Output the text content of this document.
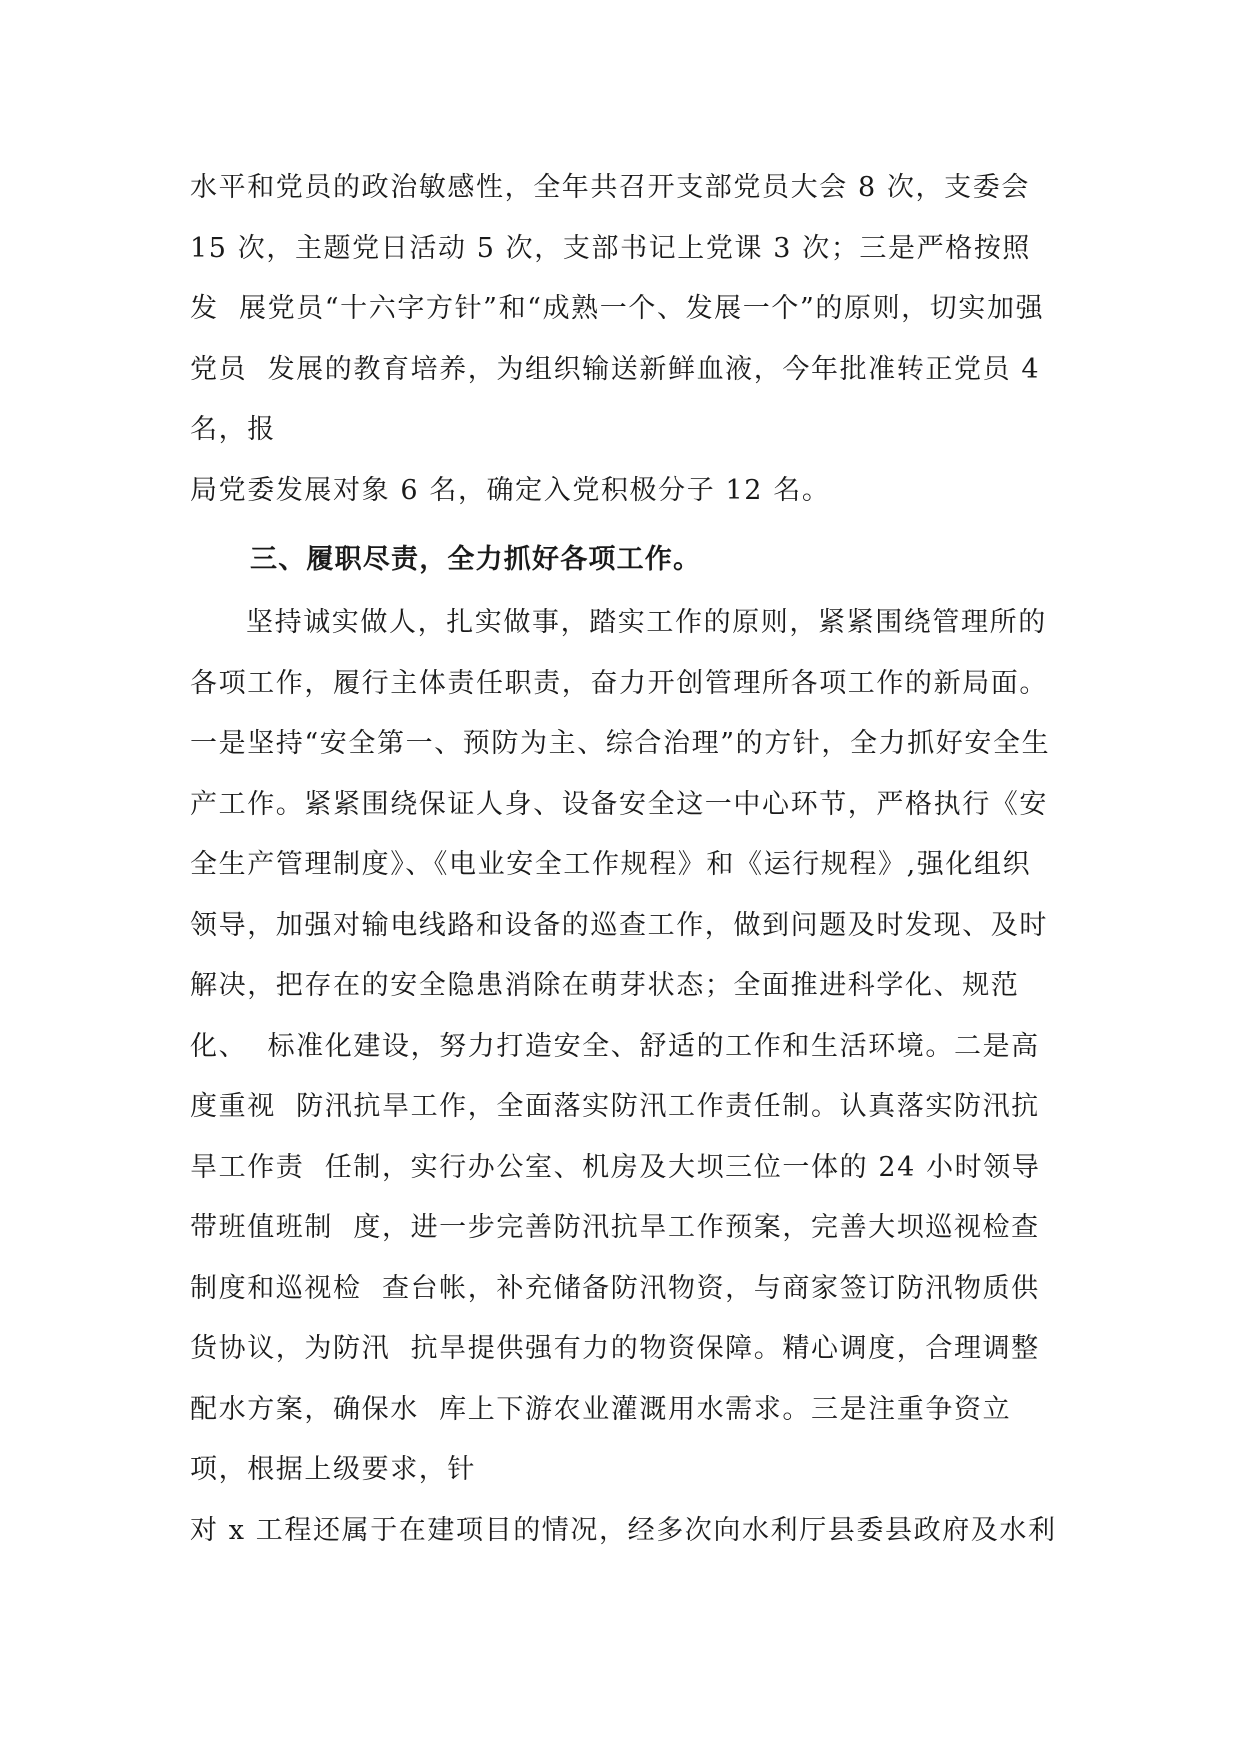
水平和党员的政治敏感性，全年共召开支部党员大会 8 次，支委会
15 次，主题党日活动 5 次，支部书记上党课 3 次；三是严格按照
发  展党员“十六字方针”和“成熟一个、发展一个”的原则，切实加强
党员  发展的教育培养，为组织输送新鲜血液，今年批准转正党员 4
名，报
局党委发展对象 6 名，确定入党积极分子 12 名。
三、履职尽责，全力抓好各项工作。
坚持诚实做人，扎实做事，踏实工作的原则，紧紧围绕管理所的
各项工作，履行主体责任职责，奋力开创管理所各项工作的新局面。
一是坚持“安全第一、预防为主、综合治理”的方针，全力抓好安全生
产工作。紧紧围绕保证人身、设备安全这一中心环节，严格执行《安
全生产管理制度》、《电业安全工作规程》和《运行规程》,强化组织
领导，加强对输电线路和设备的巡查工作，做到问题及时发现、及时
解决，把存在的安全隐患消除在萌芽状态；全面推进科学化、规范
化、  标准化建设，努力打造安全、舒适的工作和生活环境。二是高
度重视  防汛抗旱工作，全面落实防汛工作责任制。认真落实防汛抗
旱工作责  任制，实行办公室、机房及大坝三位一体的 24 小时领导
带班值班制  度，进一步完善防汛抗旱工作预案，完善大坝巡视检查
制度和巡视检  查台帐，补充储备防汛物资，与商家签订防汛物质供
货协议，为防汛  抗旱提供强有力的物资保障。精心调度，合理调整
配水方案，确保水  库上下游农业灌溉用水需求。三是注重争资立
项，根据上级要求，针
对 x 工程还属于在建项目的情况，经多次向水利厅县委县政府及水利
